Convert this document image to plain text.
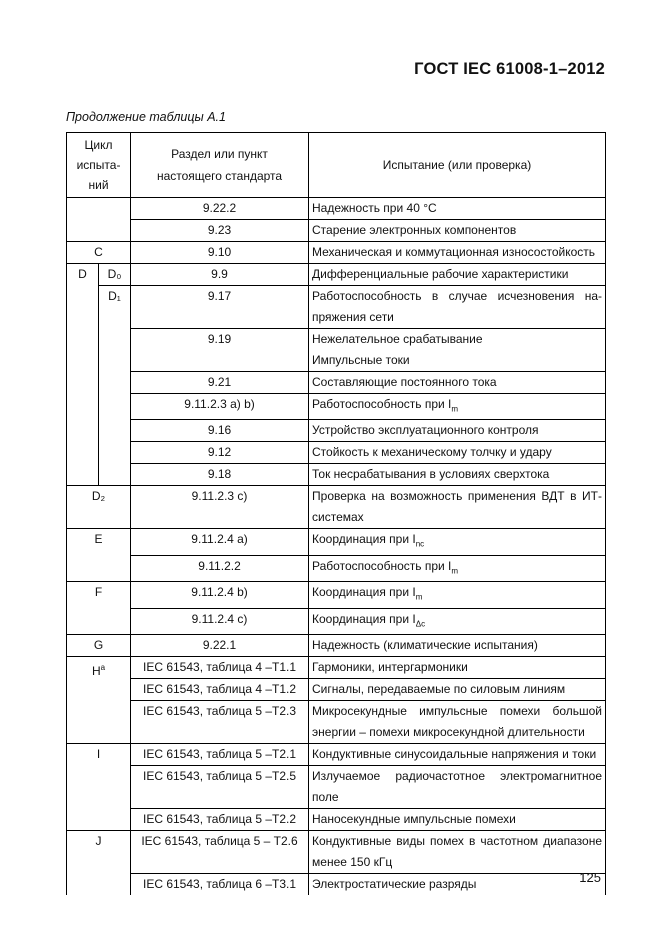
ГОСТ IEC 61008-1–2012
Продолжение таблицы А.1
Цикл испыта-ний		Раздел или пункт настоящего стандарта	Испытание (или проверка)
		9.22.2	Надежность при 40 °С
		9.23	Старение электронных компонентов
С		9.10	Механическая и коммутационная износостойкость
D	D₀	9.9	Дифференциальные рабочие характеристики
	D₁	9.17	Работоспособность в случае исчезновения на-пряжения сети
		9.19	Нежелательное срабатывание
Импульсные токи

		9.21	Составляющие постоянного тока
		9.11.2.3 а) b)	Работоспособность при $I_m$
		9.16	Устройство эксплуатационного контроля
		9.12	Стойкость к механическому толчку и удару
		9.18	Ток несрабатывания в условиях сверхтока
D₂		9.11.2.3 с)	Проверка на возможность применения ВДТ в ИТ-системах
Е		9.11.2.4 а)	Координация при $I_{nc}$
		9.11.2.2	Работоспособность при $I_m$
F		9.11.2.4 b)	Координация при $I_m$
		9.11.2.4 с)	Координация при $I_{\Delta c}$
G		9.22.1	Надежность (климатические испытания)
$H^a$		IEC 61543, таблица 4 –Т1.1	Гармоники, интергармоники
		IEC 61543, таблица 4 –Т1.2	Сигналы, передаваемые по силовым линиям
		IEC 61543, таблица 5 –Т2.3	Микросекундные импульсные помехи большой энергии – помехи микросекундной длительности
I		IEC 61543, таблица 5 –Т2.1	Кондуктивные синусоидальные напряжения и токи
		IEC 61543, таблица 5 –Т2.5	Излучаемое радиочастотное электромагнитное поле
		IEC 61543, таблица 5 –Т2.2	Наносекундные импульсные помехи
J		IEC 61543, таблица 5 – Т2.6	Кондуктивные виды помех в частотном диапазоне менее 150 кГц
		IEC 61543, таблица 6 –Т3.1	Электростатические разряды	125
